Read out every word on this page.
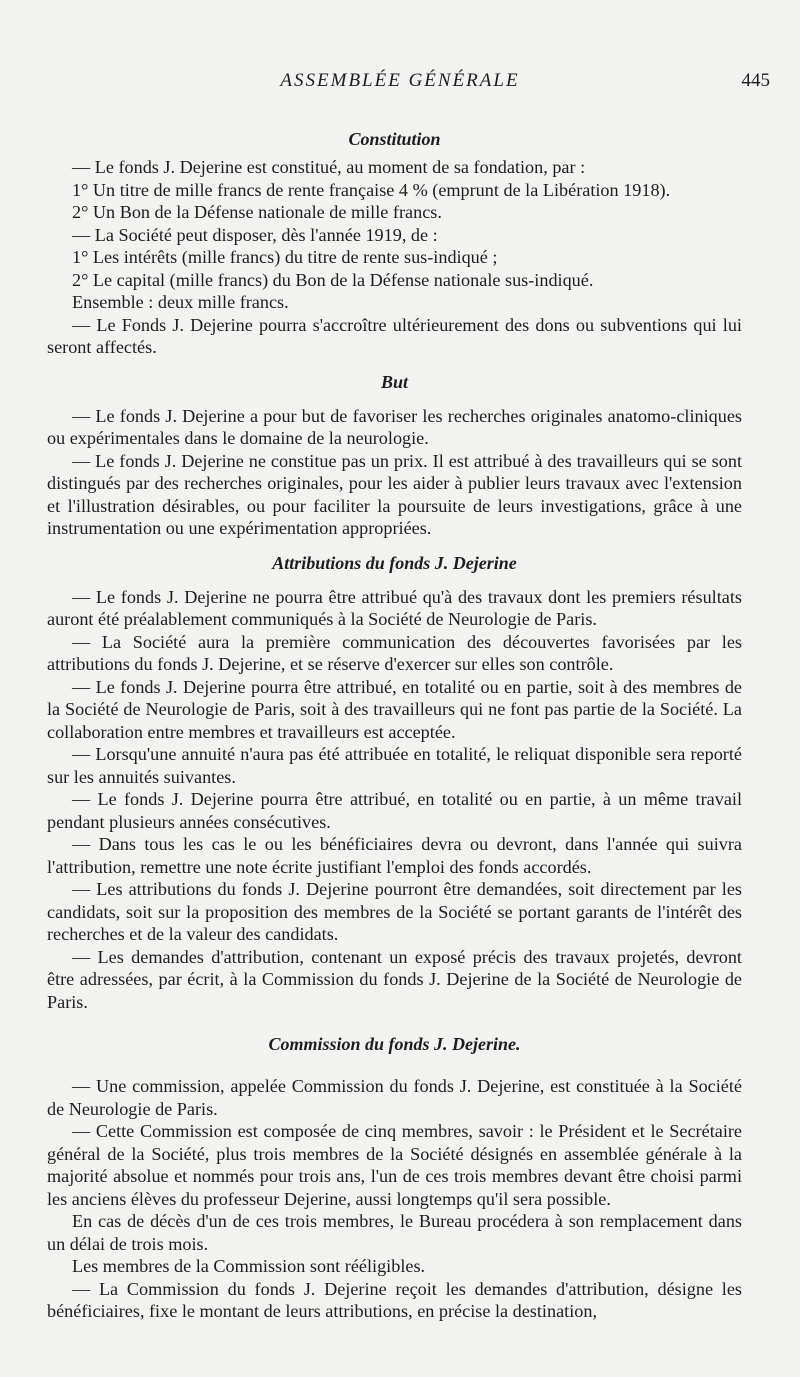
ASSEMBLÉE GÉNÉRALE	445
Constitution

— Le fonds J. Dejerine est constitué, au moment de sa fondation, par :

1° Un titre de mille francs de rente française 4 % (emprunt de la Libération 1918).

2° Un Bon de la Défense nationale de mille francs.

— La Société peut disposer, dès l'année 1919, de :

1° Les intérêts (mille francs) du titre de rente sus-indiqué ;

2° Le capital (mille francs) du Bon de la Défense nationale sus-indiqué.

Ensemble : deux mille francs.

— Le Fonds J. Dejerine pourra s'accroître ultérieurement des dons ou subventions qui lui seront affectés.

But

— Le fonds J. Dejerine a pour but de favoriser les recherches originales anatomo-cliniques ou expérimentales dans le domaine de la neurologie.

— Le fonds J. Dejerine ne constitue pas un prix. Il est attribué à des travailleurs qui se sont distingués par des recherches originales, pour les aider à publier leurs travaux avec l'extension et l'illustration désirables, ou pour faciliter la poursuite de leurs investigations, grâce à une instrumentation ou une expérimentation appropriées.

Attributions du fonds J. Dejerine

— Le fonds J. Dejerine ne pourra être attribué qu'à des travaux dont les premiers résultats auront été préalablement communiqués à la Société de Neurologie de Paris.

— La Société aura la première communication des découvertes favorisées par les attributions du fonds J. Dejerine, et se réserve d'exercer sur elles son contrôle.

— Le fonds J. Dejerine pourra être attribué, en totalité ou en partie, soit à des membres de la Société de Neurologie de Paris, soit à des travailleurs qui ne font pas partie de la Société. La collaboration entre membres et travailleurs est acceptée.

— Lorsqu'une annuité n'aura pas été attribuée en totalité, le reliquat disponible sera reporté sur les annuités suivantes.

— Le fonds J. Dejerine pourra être attribué, en totalité ou en partie, à un même travail pendant plusieurs années consécutives.

— Dans tous les cas le ou les bénéficiaires devra ou devront, dans l'année qui suivra l'attribution, remettre une note écrite justifiant l'emploi des fonds accordés.

— Les attributions du fonds J. Dejerine pourront être demandées, soit directement par les candidats, soit sur la proposition des membres de la Société se portant garants de l'intérêt des recherches et de la valeur des candidats.

— Les demandes d'attribution, contenant un exposé précis des travaux projetés, devront être adressées, par écrit, à la Commission du fonds J. Dejerine de la Société de Neurologie de Paris.

Commission du fonds J. Dejerine.

— Une commission, appelée Commission du fonds J. Dejerine, est constituée à la Société de Neurologie de Paris.

— Cette Commission est composée de cinq membres, savoir : le Président et le Secrétaire général de la Société, plus trois membres de la Société désignés en assemblée générale à la majorité absolue et nommés pour trois ans, l'un de ces trois membres devant être choisi parmi les anciens élèves du professeur Dejerine, aussi longtemps qu'il sera possible.

En cas de décès d'un de ces trois membres, le Bureau procédera à son remplacement dans un délai de trois mois.

Les membres de la Commission sont rééligibles.

— La Commission du fonds J. Dejerine reçoit les demandes d'attribution, désigne les bénéficiaires, fixe le montant de leurs attributions, en précise la destination,
